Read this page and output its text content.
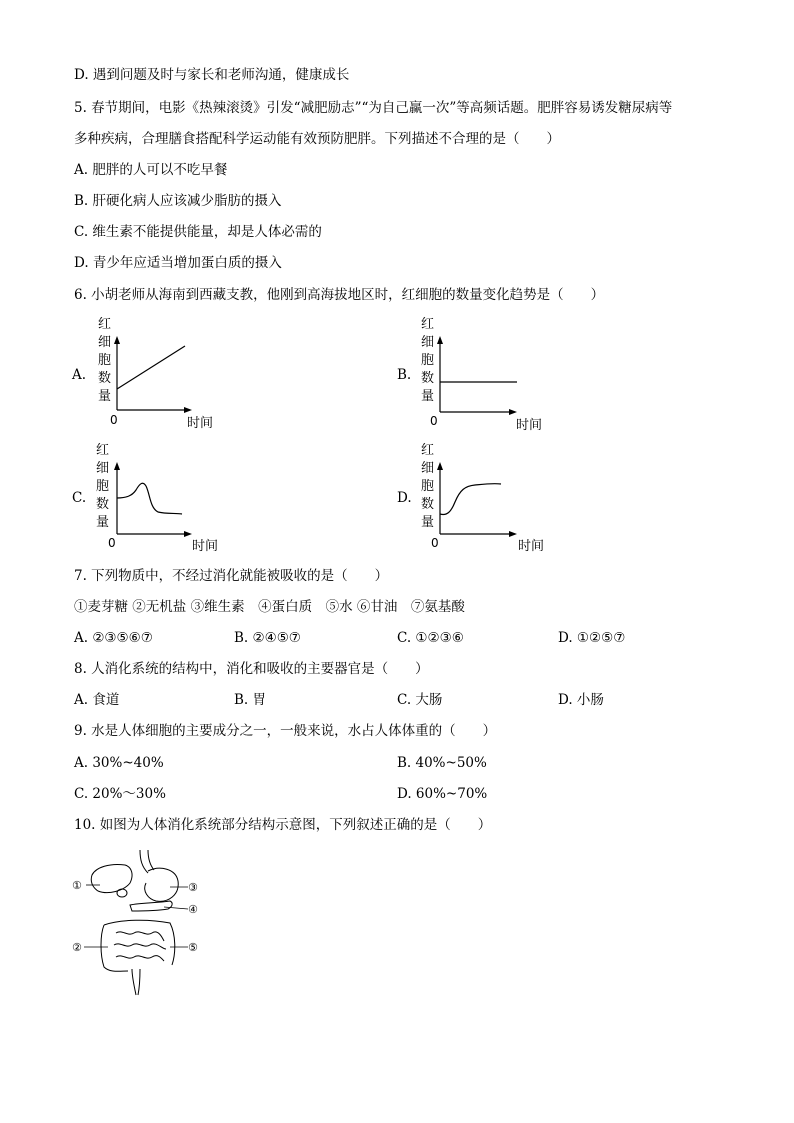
D. 遇到问题及时与家长和老师沟通，健康成长
5. 春节期间，电影《热辣滚烫》引发“减肥励志”“为自己赢一次”等高频话题。肥胖容易诱发糖尿病等
多种疾病，合理膳食搭配科学运动能有效预防肥胖。下列描述不合理的是（　　）
A. 肥胖的人可以不吃早餐
B. 肝硬化病人应该减少脂肪的摄入
C. 维生素不能提供能量，却是人体必需的
D. 青少年应适当增加蛋白质的摄入
6. 小胡老师从海南到西藏支教，他刚到高海拔地区时，红细胞的数量变化趋势是（　　）
A.
红
细
胞
数
量
0	时间
B.
红
细
胞
数
量
0	时间
C.
红
细
胞
数
量
0	时间
D.
红
细
胞
数
量
0	时间
7. 下列物质中，不经过消化就能被吸收的是（　　）
①麦芽糖 ②无机盐 ③维生素　④蛋白质　⑤水 ⑥甘油　⑦氨基酸
A. ②③⑤⑥⑦	B. ②④⑤⑦	C. ①②③⑥	D. ①②⑤⑦
8. 人消化系统的结构中，消化和吸收的主要器官是（　　）
A. 食道	B. 胃	C. 大肠	D. 小肠
9. 水是人体细胞的主要成分之一，一般来说，水占人体体重的（　　）
A. 30%~40%	B. 40%~50%
C. 20%～30%	D. 60%~70%
10. 如图为人体消化系统部分结构示意图，下列叙述正确的是（　　）
①
②
③
④
⑤
